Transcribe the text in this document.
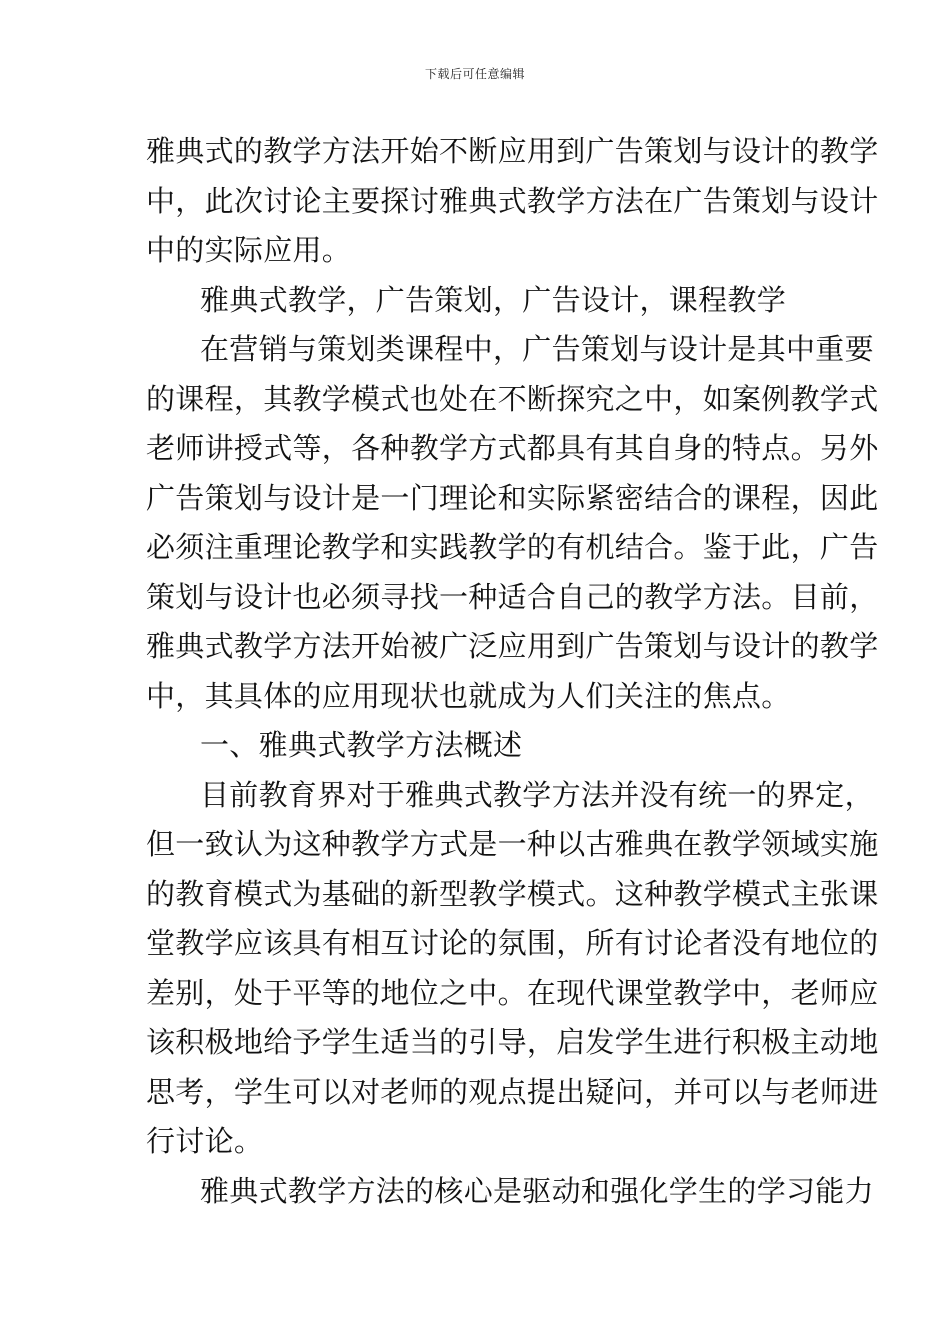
下载后可任意编辑
雅典式的教学方法开始不断应用到广告策划与设计的教学
中，此次讨论主要探讨雅典式教学方法在广告策划与设计
中的实际应用。
雅典式教学，广告策划，广告设计，课程教学
在营销与策划类课程中，广告策划与设计是其中重要
的课程，其教学模式也处在不断探究之中，如案例教学式
老师讲授式等，各种教学方式都具有其自身的特点。另外
广告策划与设计是一门理论和实际紧密结合的课程，因此
必须注重理论教学和实践教学的有机结合。鉴于此，广告
策划与设计也必须寻找一种适合自己的教学方法。目前，
雅典式教学方法开始被广泛应用到广告策划与设计的教学
中，其具体的应用现状也就成为人们关注的焦点。
一、雅典式教学方法概述
目前教育界对于雅典式教学方法并没有统一的界定，
但一致认为这种教学方式是一种以古雅典在教学领域实施
的教育模式为基础的新型教学模式。这种教学模式主张课
堂教学应该具有相互讨论的氛围，所有讨论者没有地位的
差别，处于平等的地位之中。在现代课堂教学中，老师应
该积极地给予学生适当的引导，启发学生进行积极主动地
思考，学生可以对老师的观点提出疑问，并可以与老师进
行讨论。
雅典式教学方法的核心是驱动和强化学生的学习能力
